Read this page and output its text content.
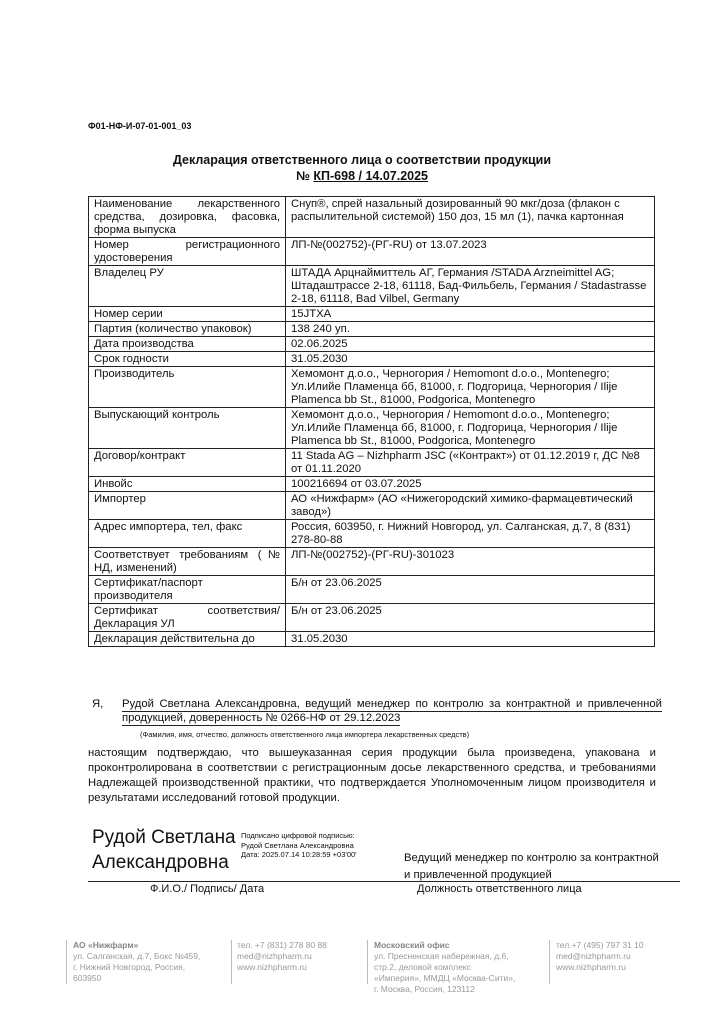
Ф01-НФ-И-07-01-001_03
Декларация ответственного лица о соответствии продукции
№ КП-698 / 14.07.2025
Наименование лекарственного средства, дозировка, фасовка, форма выпуска	Снуп®, спрей назальный дозированный 90 мкг/доза (флакон с распылительной системой) 150 доз, 15 мл (1), пачка картонная
Номер регистрационного удостоверения	ЛП-№(002752)-(РГ-RU) от 13.07.2023
Владелец РУ	ШТАДА Арцнаймиттель АГ, Германия /STADA Arzneimittel AG; Штадаштрассе 2-18, 61118, Бад-Фильбель, Германия / Stadastrasse 2-18, 61118, Bad Vilbel, Germany
Номер серии	15JTXA
Партия (количество упаковок)	138 240 уп.
Дата производства	02.06.2025
Срок годности	31.05.2030
Производитель	Хемомонт д.о.о., Черногория / Hemomont d.o.o., Montenegro; Ул.Илийе Пламенца бб, 81000, г. Подгорица, Черногория / Ilije Plamenca bb St., 81000, Podgorica, Montenegro
Выпускающий контроль	Хемомонт д.о.о., Черногория / Hemomont d.o.o., Montenegro; Ул.Илийе Пламенца бб, 81000, г. Подгорица, Черногория / Ilije Plamenca bb St., 81000, Podgorica, Montenegro
Договор/контракт	11 Stada AG – Nizhpharm JSC («Контракт») от 01.12.2019 г, ДС №8 от 01.11.2020
Инвойс	100216694 от 03.07.2025
Импортер	АО «Нижфарм» (АО «Нижегородский химико-фармацевтический завод»)
Адрес импортера, тел, факс	Россия, 603950, г. Нижний Новгород, ул. Салганская, д.7, 8 (831) 278-80-88
Соответствует требованиям (№ НД, изменений)	ЛП-№(002752)-(РГ-RU)-301023
Сертификат/паспорт производителя	Б/н от 23.06.2025
Сертификат соответствия/Декларация УЛ	Б/н от 23.06.2025
Декларация действительна до	31.05.2030
Я, Рудой Светлана Александровна, ведущий менеджер по контролю за контрактной и привлеченной продукцией, доверенность № 0266-НФ от 29.12.2023
(Фамилия, имя, отчество, должность ответственного лица импортера лекарственных средств)
настоящим подтверждаю, что вышеуказанная серия продукции была произведена, упакована и проконтролирована в соответствии с регистрационным досье лекарственного средства, и требованиями Надлежащей производственной практики, что подтверждается Уполномоченным лицом производителя и результатами исследований готовой продукции.
Рудой Светлана
Александровна
Подписано цифровой подписью:
Рудой Светлана Александровна
Дата: 2025.07.14 10:28:59 +03'00'	Ведущий менеджер по контролю за контрактной
и привлеченной продукцией
Ф.И.О./ Подпись/ Дата	Должность ответственного лица
АО «Нижфарм»
ул. Салганская, д.7, Бокс №459,
г. Нижний Новгород, Россия,
603950
тел. +7 (831) 278 80 88
med@nizhpharm.ru
www.nizhpharm.ru
Московский офис
ул. Пресненская набережная, д.6,
стр.2, деловой комплекс
«Империя», ММДЦ «Москва-Сити»,
г. Москва, Россия, 123112
тел.+7 (495) 797 31 10
med@nizhpharm.ru
www.nizhpharm.ru
